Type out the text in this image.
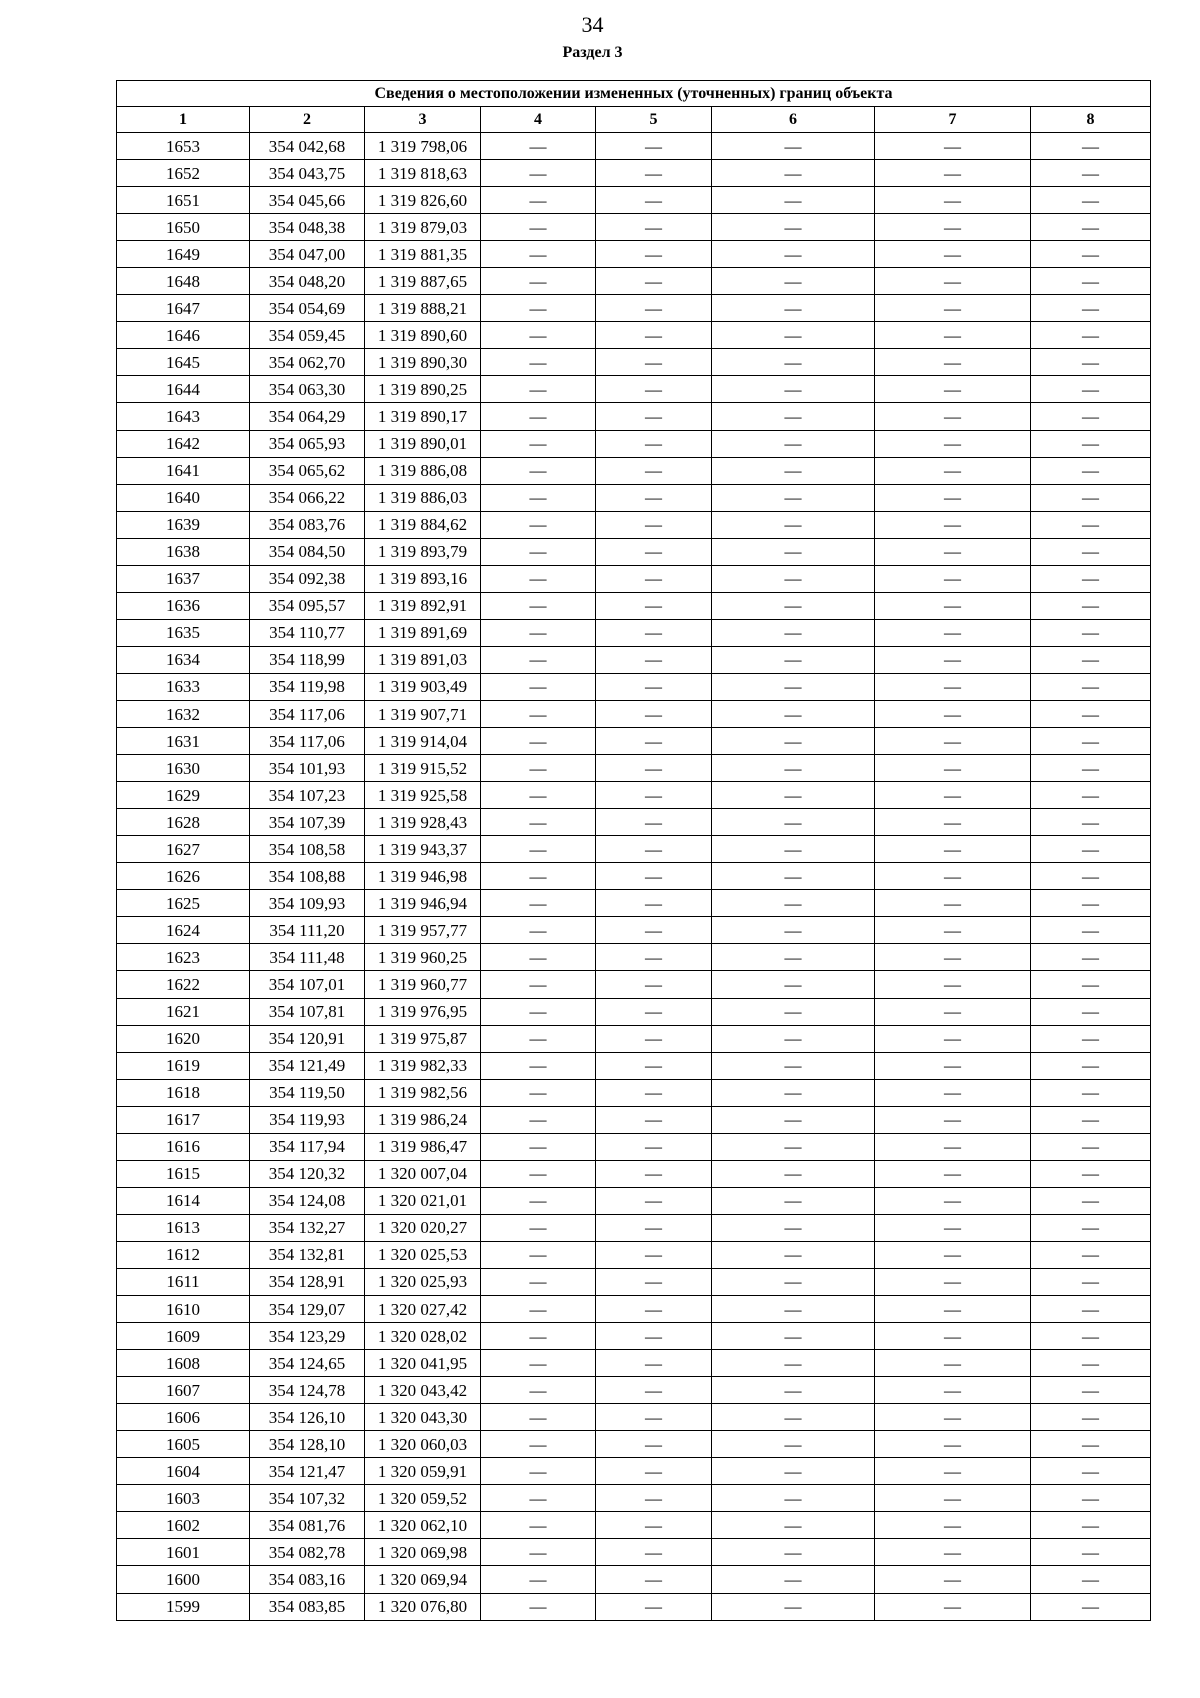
34
Раздел 3
Сведения о местоположении измененных (уточненных) границ объекта							
1	2	3	4	5	6	7	8
1653	354 042,68	1 319 798,06	—	—	—	—	—
1652	354 043,75	1 319 818,63	—	—	—	—	—
1651	354 045,66	1 319 826,60	—	—	—	—	—
1650	354 048,38	1 319 879,03	—	—	—	—	—
1649	354 047,00	1 319 881,35	—	—	—	—	—
1648	354 048,20	1 319 887,65	—	—	—	—	—
1647	354 054,69	1 319 888,21	—	—	—	—	—
1646	354 059,45	1 319 890,60	—	—	—	—	—
1645	354 062,70	1 319 890,30	—	—	—	—	—
1644	354 063,30	1 319 890,25	—	—	—	—	—
1643	354 064,29	1 319 890,17	—	—	—	—	—
1642	354 065,93	1 319 890,01	—	—	—	—	—
1641	354 065,62	1 319 886,08	—	—	—	—	—
1640	354 066,22	1 319 886,03	—	—	—	—	—
1639	354 083,76	1 319 884,62	—	—	—	—	—
1638	354 084,50	1 319 893,79	—	—	—	—	—
1637	354 092,38	1 319 893,16	—	—	—	—	—
1636	354 095,57	1 319 892,91	—	—	—	—	—
1635	354 110,77	1 319 891,69	—	—	—	—	—
1634	354 118,99	1 319 891,03	—	—	—	—	—
1633	354 119,98	1 319 903,49	—	—	—	—	—
1632	354 117,06	1 319 907,71	—	—	—	—	—
1631	354 117,06	1 319 914,04	—	—	—	—	—
1630	354 101,93	1 319 915,52	—	—	—	—	—
1629	354 107,23	1 319 925,58	—	—	—	—	—
1628	354 107,39	1 319 928,43	—	—	—	—	—
1627	354 108,58	1 319 943,37	—	—	—	—	—
1626	354 108,88	1 319 946,98	—	—	—	—	—
1625	354 109,93	1 319 946,94	—	—	—	—	—
1624	354 111,20	1 319 957,77	—	—	—	—	—
1623	354 111,48	1 319 960,25	—	—	—	—	—
1622	354 107,01	1 319 960,77	—	—	—	—	—
1621	354 107,81	1 319 976,95	—	—	—	—	—
1620	354 120,91	1 319 975,87	—	—	—	—	—
1619	354 121,49	1 319 982,33	—	—	—	—	—
1618	354 119,50	1 319 982,56	—	—	—	—	—
1617	354 119,93	1 319 986,24	—	—	—	—	—
1616	354 117,94	1 319 986,47	—	—	—	—	—
1615	354 120,32	1 320 007,04	—	—	—	—	—
1614	354 124,08	1 320 021,01	—	—	—	—	—
1613	354 132,27	1 320 020,27	—	—	—	—	—
1612	354 132,81	1 320 025,53	—	—	—	—	—
1611	354 128,91	1 320 025,93	—	—	—	—	—
1610	354 129,07	1 320 027,42	—	—	—	—	—
1609	354 123,29	1 320 028,02	—	—	—	—	—
1608	354 124,65	1 320 041,95	—	—	—	—	—
1607	354 124,78	1 320 043,42	—	—	—	—	—
1606	354 126,10	1 320 043,30	—	—	—	—	—
1605	354 128,10	1 320 060,03	—	—	—	—	—
1604	354 121,47	1 320 059,91	—	—	—	—	—
1603	354 107,32	1 320 059,52	—	—	—	—	—
1602	354 081,76	1 320 062,10	—	—	—	—	—
1601	354 082,78	1 320 069,98	—	—	—	—	—
1600	354 083,16	1 320 069,94	—	—	—	—	—
1599	354 083,85	1 320 076,80	—	—	—	—	—
